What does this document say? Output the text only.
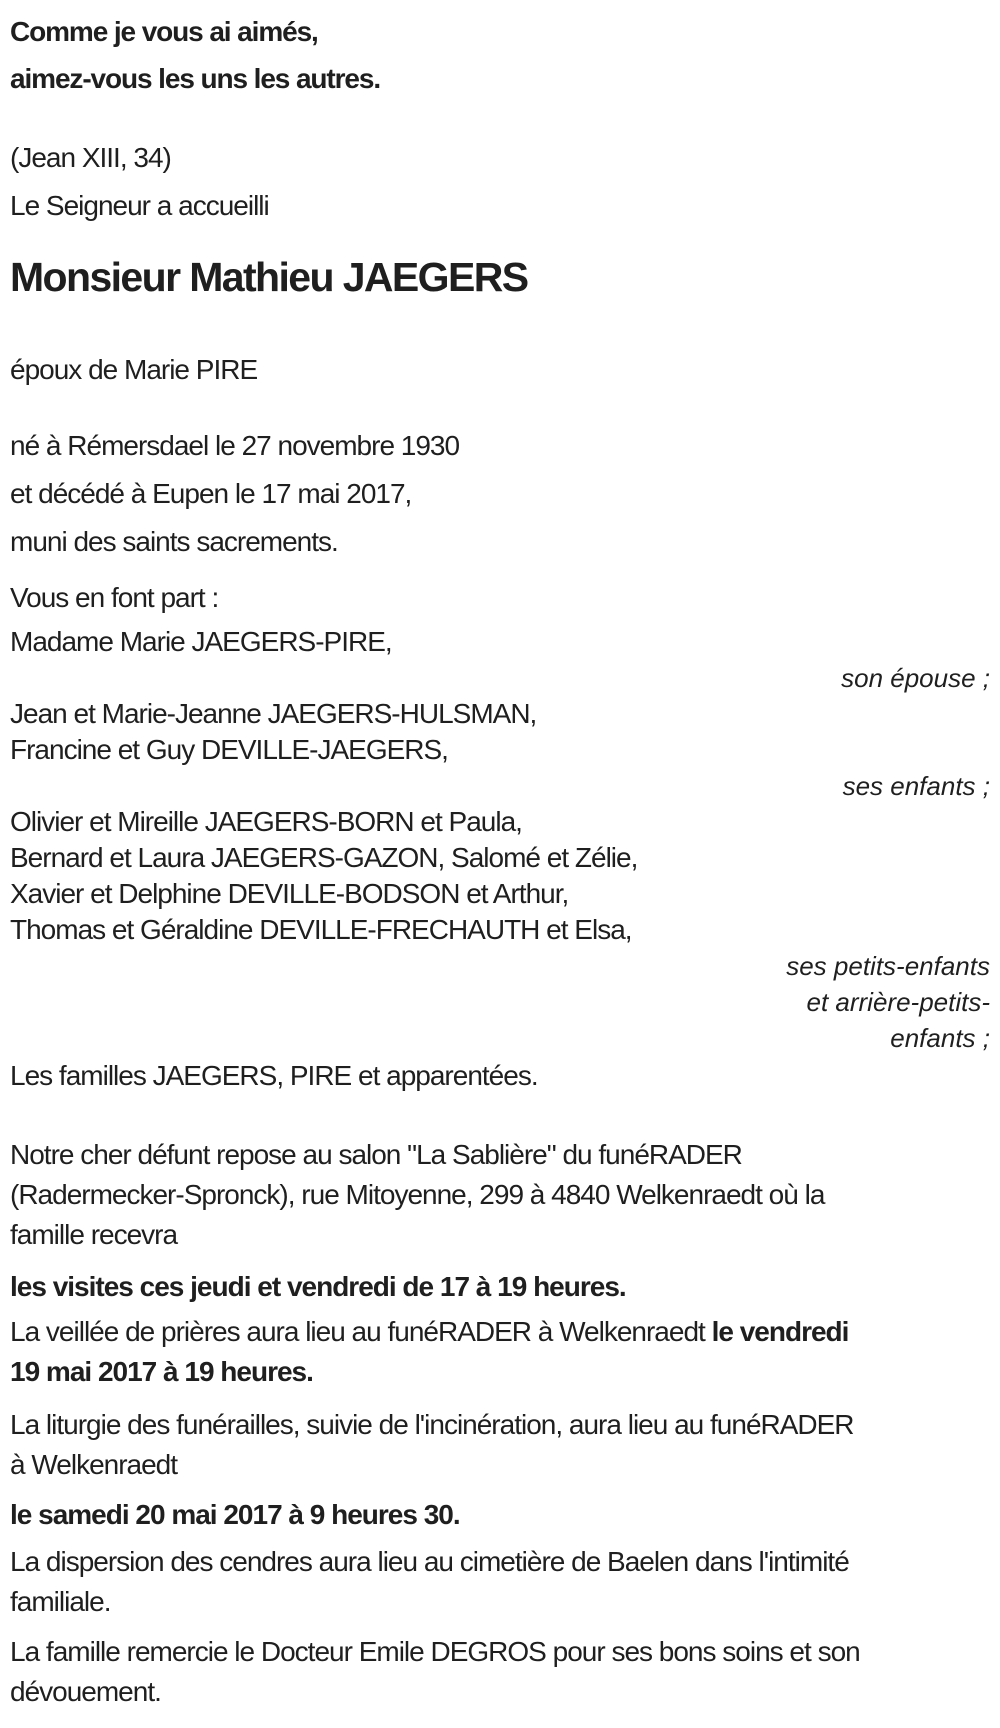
Comme je vous ai aimés,

aimez-vous les uns les autres.

(Jean XIII, 34)

Le Seigneur a accueilli

Monsieur Mathieu JAEGERS

époux de Marie PIRE

né à Rémersdael le 27 novembre 1930

et décédé à Eupen le 17 mai 2017,

muni des saints sacrements.

Vous en font part :

Madame Marie JAEGERS-PIRE,

son épouse ;

Jean et Marie-Jeanne JAEGERS-HULSMAN,

Francine et Guy DEVILLE-JAEGERS,

ses enfants ;

Olivier et Mireille JAEGERS-BORN et Paula,

Bernard et Laura JAEGERS-GAZON, Salomé et Zélie,

Xavier et Delphine DEVILLE-BODSON et Arthur,

Thomas et Géraldine DEVILLE-FRECHAUTH et Elsa,

ses petits-enfants

et arrière-petits-

enfants ;

Les familles JAEGERS, PIRE et apparentées.

Notre cher défunt repose au salon "La Sablière" du funéRADER

(Radermecker-Spronck), rue Mitoyenne, 299 à 4840 Welkenraedt où la

famille recevra

les visites ces jeudi et vendredi de 17 à 19 heures.

La veillée de prières aura lieu au funéRADER à Welkenraedt le vendredi

19 mai 2017 à 19 heures.

La liturgie des funérailles, suivie de l'incinération, aura lieu au funéRADER

à Welkenraedt

le samedi 20 mai 2017 à 9 heures 30.

La dispersion des cendres aura lieu au cimetière de Baelen dans l'intimité

familiale.

La famille remercie le Docteur Emile DEGROS pour ses bons soins et son

dévouement.
